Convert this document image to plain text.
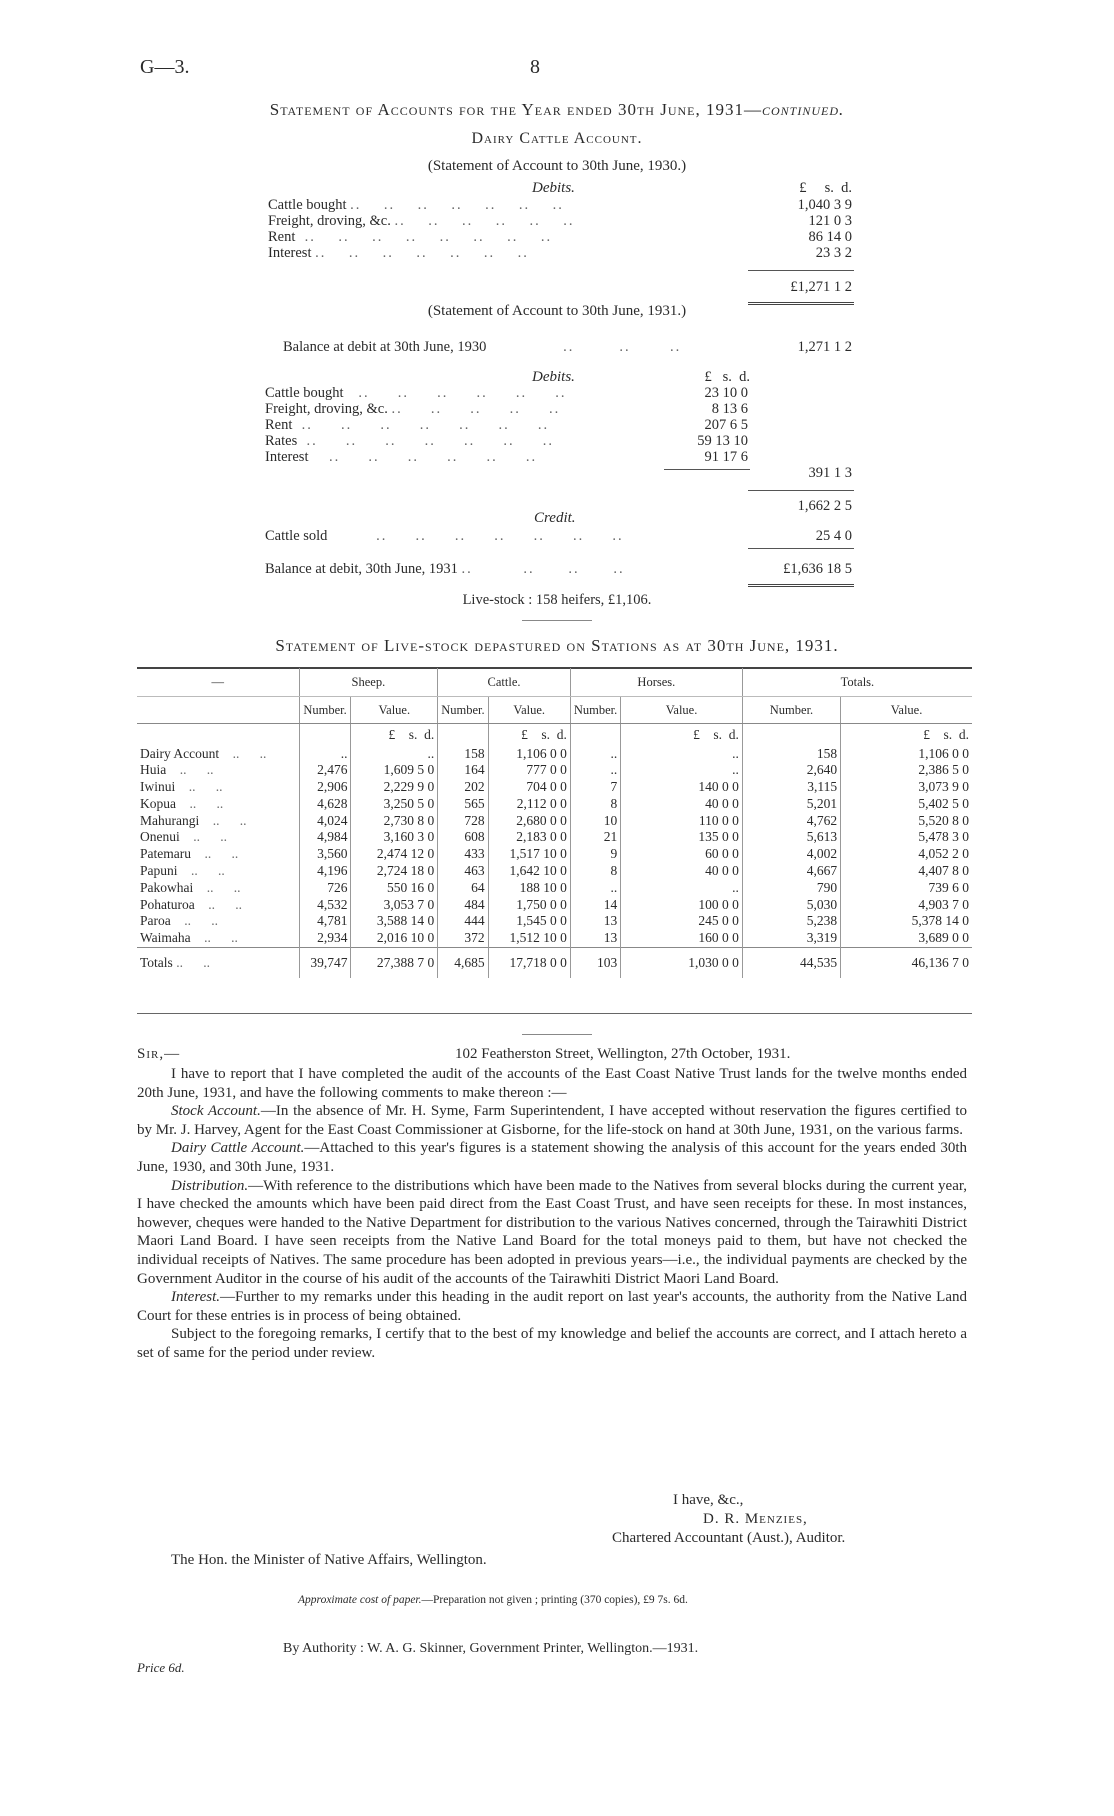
G—3.	8
Statement of Accounts for the Year ended 30th June, 1931—continued.
Dairy Cattle Account.
(Statement of Account to 30th June, 1930.)
Debits.	£ s. d.
Cattle bought ..    ..    ..    ..    ..    ..    ..	1,040 3 9
Freight, droving, &c. ..    ..    ..    ..    ..    ..	121 0 3
Rent  ..    ..    ..    ..    ..    ..    ..    ..	86 14 0
Interest ..    ..    ..    ..    ..    ..    ..	23 3 2
£1,271 1 2
(Statement of Account to 30th June, 1931.)
Balance at debit at 30th June, 1930              ..        ..       ..	1,271 1 2
Debits.	£ s. d.
Cattle bought   ..     ..     ..     ..     ..     ..	23 10 0
Freight, droving, &c. ..     ..     ..     ..     ..	8 13 6
Rent  ..     ..     ..     ..     ..     ..     ..	207 6 5
Rates  ..     ..     ..     ..     ..     ..     ..	59 13 10
Interest    ..     ..     ..     ..     ..     ..	91 17 6
391 1 3
1,662 2 5
Credit.
Cattle sold         ..     ..     ..     ..     ..     ..     ..	25 4 0
Balance at debit, 30th June, 1931 ..         ..      ..      ..	£1,636 18 5
Live-stock : 158 heifers, £1,106.
Statement of Live-stock depastured on Stations as at 30th June, 1931.
—	Sheep.		Cattle.		Horses.		Totals.	
	Number.	Value.	Number.	Value.	Number.	Value.	Number.	Value.
		£    s.  d.		£    s.  d.		£    s.  d.		£    s.  d.
Dairy Account    ..      ..	..	..	158	1,106 0 0	..	..	158	1,106 0 0
Huia    ..      ..	2,476	1,609 5 0	164	777 0 0	..	..	2,640	2,386 5 0
Iwinui    ..      ..	2,906	2,229 9 0	202	704 0 0	7	140 0 0	3,115	3,073 9 0
Kopua    ..      ..	4,628	3,250 5 0	565	2,112 0 0	8	40 0 0	5,201	5,402 5 0
Mahurangi    ..      ..	4,024	2,730 8 0	728	2,680 0 0	10	110 0 0	4,762	5,520 8 0
Onenui    ..      ..	4,984	3,160 3 0	608	2,183 0 0	21	135 0 0	5,613	5,478 3 0
Patemaru    ..      ..	3,560	2,474 12 0	433	1,517 10 0	9	60 0 0	4,002	4,052 2 0
Papuni    ..      ..	4,196	2,724 18 0	463	1,642 10 0	8	40 0 0	4,667	4,407 8 0
Pakowhai    ..      ..	726	550 16 0	64	188 10 0	..	..	790	739 6 0
Pohaturoa    ..      ..	4,532	3,053 7 0	484	1,750 0 0	14	100 0 0	5,030	4,903 7 0
Paroa    ..      ..	4,781	3,588 14 0	444	1,545 0 0	13	245 0 0	5,238	5,378 14 0
Waimaha    ..      ..	2,934	2,016 10 0	372	1,512 10 0	13	160 0 0	3,319	3,689 0 0
Totals ..      ..	39,747	27,388 7 0	4,685	17,718 0 0	103	1,030 0 0	44,535	46,136 7 0
Sir,—	102 Featherston Street, Wellington, 27th October, 1931.

I have to report that I have completed the audit of the accounts of the East Coast Native Trust lands for the twelve months ended 20th June, 1931, and have the following comments to make thereon :—

Stock Account.—In the absence of Mr. H. Syme, Farm Superintendent, I have accepted without reservation the figures certified to by Mr. J. Harvey, Agent for the East Coast Commissioner at Gisborne, for the life-stock on hand at 30th June, 1931, on the various farms.

Dairy Cattle Account.—Attached to this year's figures is a statement showing the analysis of this account for the years ended 30th June, 1930, and 30th June, 1931.

Distribution.—With reference to the distributions which have been made to the Natives from several blocks during the current year, I have checked the amounts which have been paid direct from the East Coast Trust, and have seen receipts for these. In most instances, however, cheques were handed to the Native Department for distribution to the various Natives concerned, through the Tairawhiti District Maori Land Board. I have seen receipts from the Native Land Board for the total moneys paid to them, but have not checked the individual receipts of Natives. The same procedure has been adopted in previous years—i.e., the individual payments are checked by the Government Auditor in the course of his audit of the accounts of the Tairawhiti District Maori Land Board.

Interest.—Further to my remarks under this heading in the audit report on last year's accounts, the authority from the Native Land Court for these entries is in process of being obtained.

Subject to the foregoing remarks, I certify that to the best of my knowledge and belief the accounts are correct, and I attach hereto a set of same for the period under review.

I have, &c.,
D. R. Menzies,
Chartered Accountant (Aust.), Auditor.
The Hon. the Minister of Native Affairs, Wellington.
Approximate cost of paper.—Preparation not given ; printing (370 copies), £9 7s. 6d.
By Authority : W. A. G. Skinner, Government Printer, Wellington.—1931.
Price 6d.
